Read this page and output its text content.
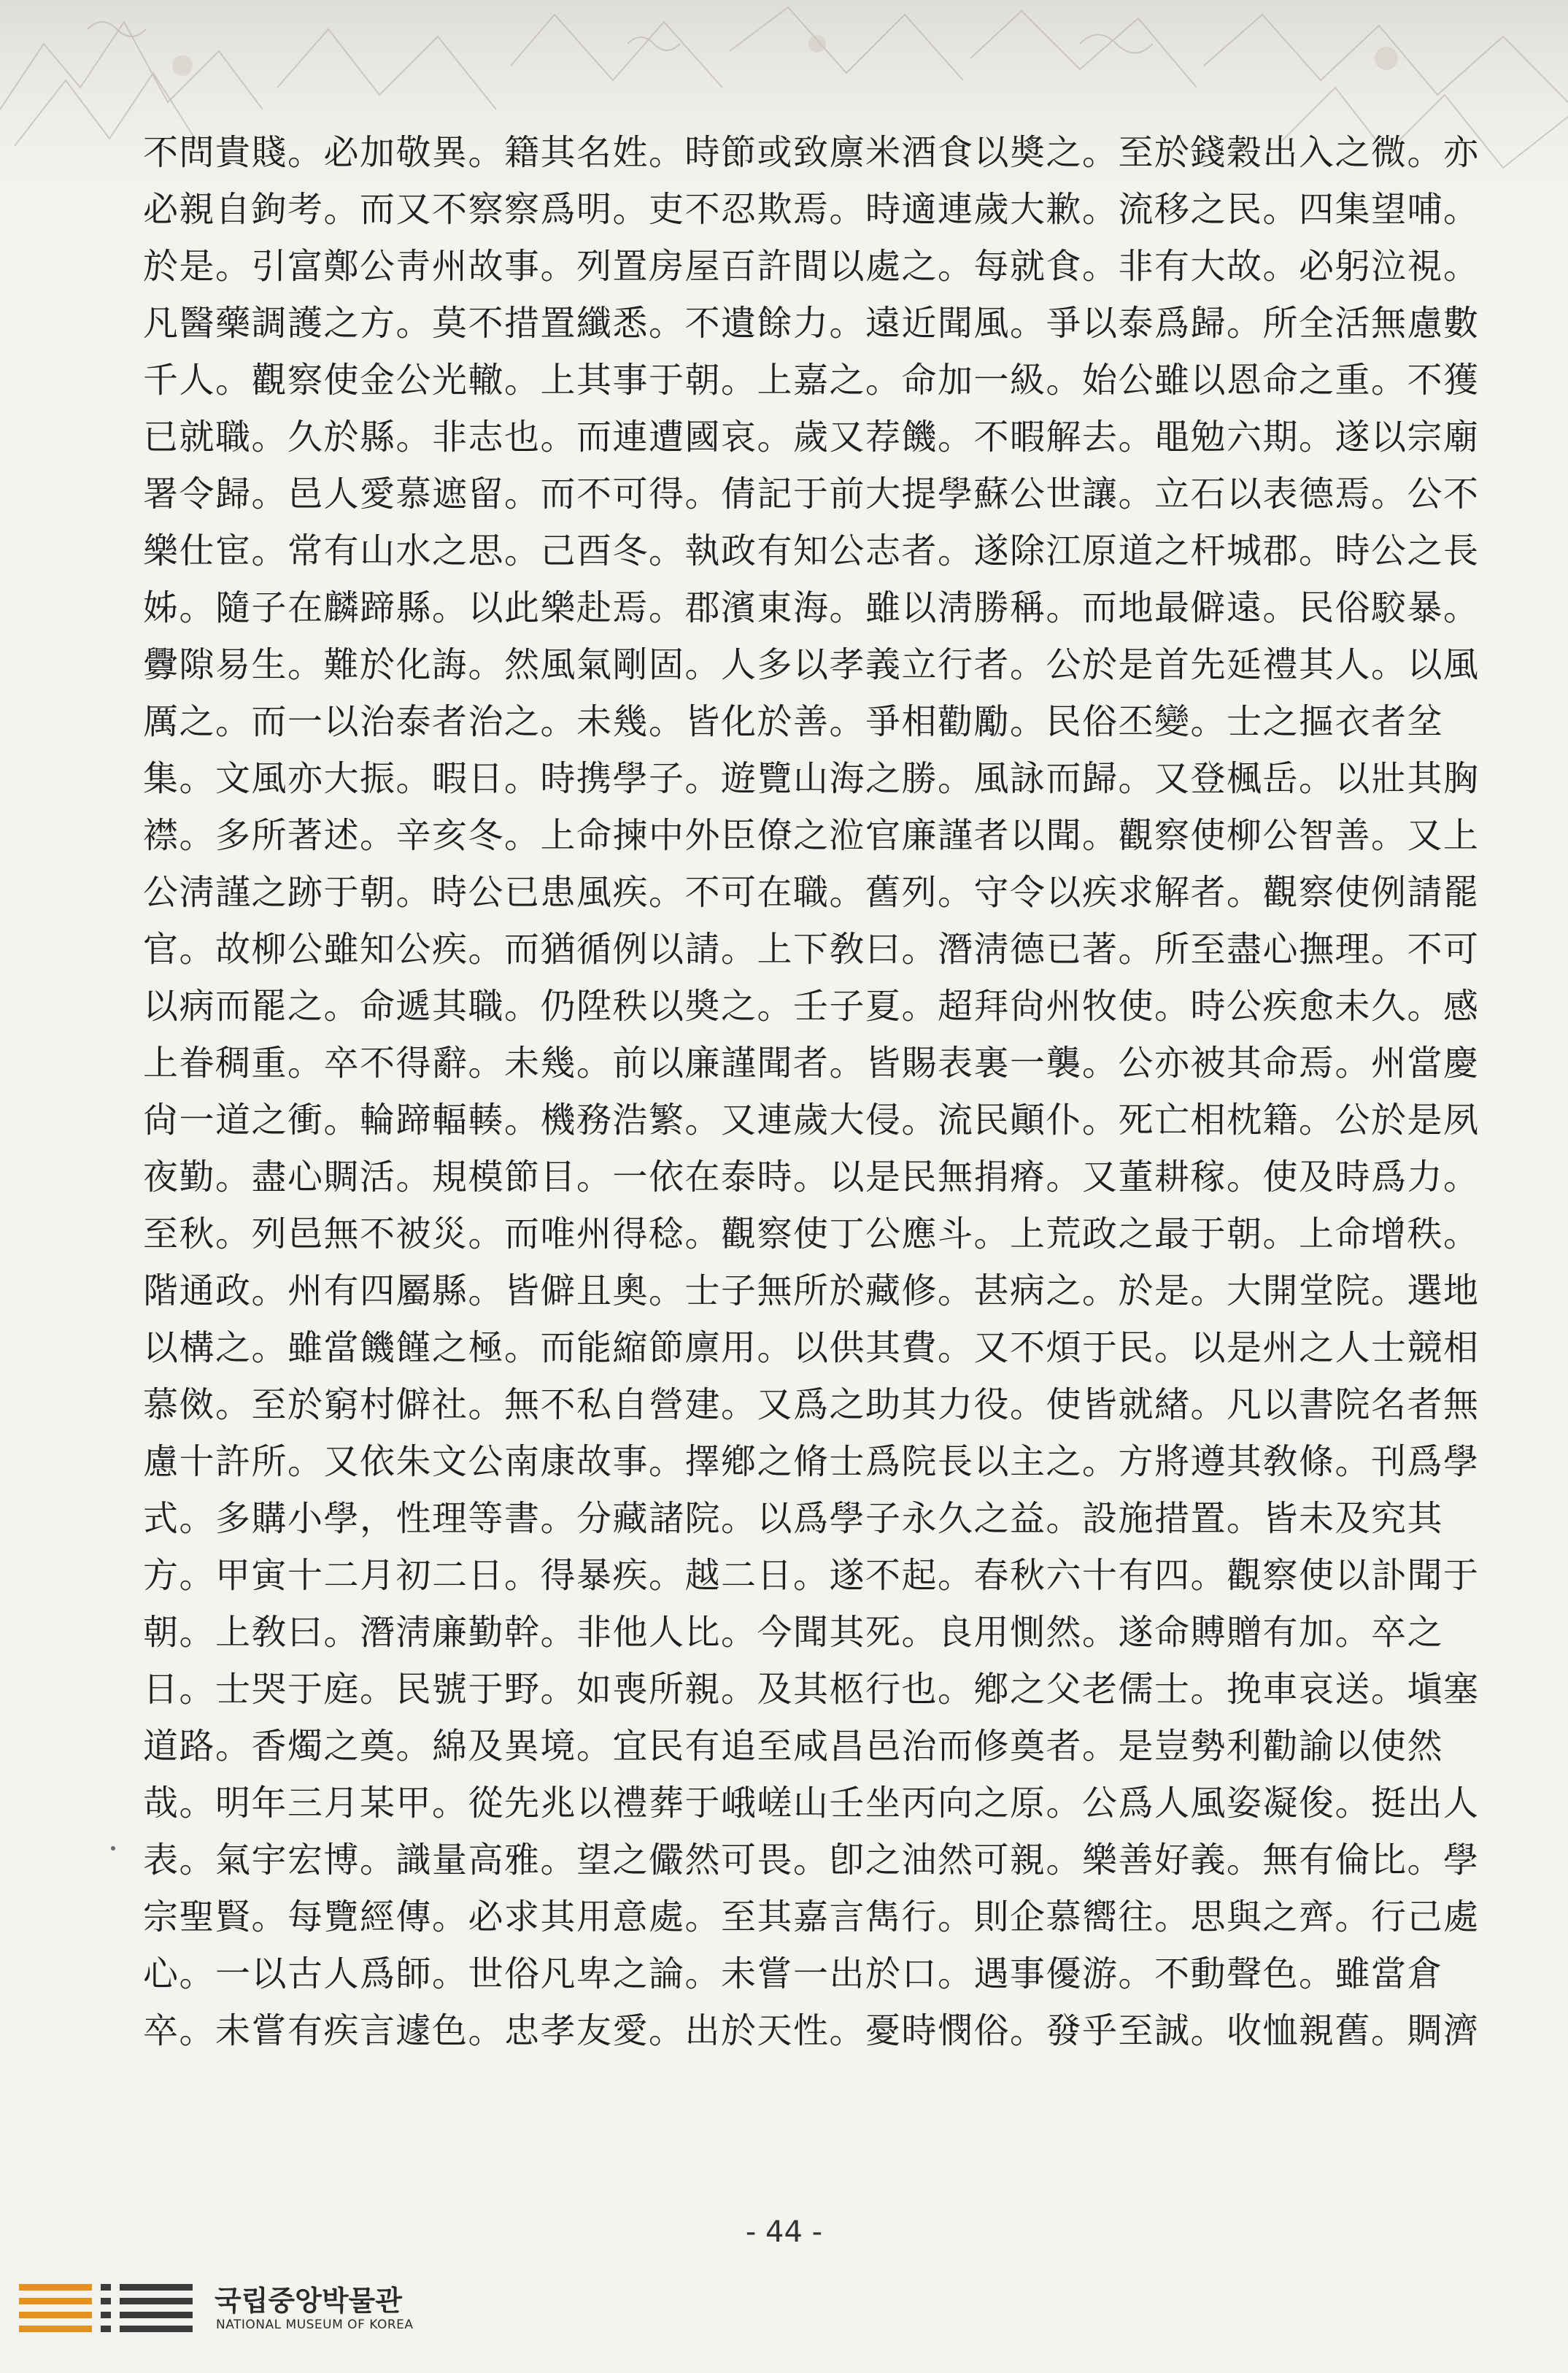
不問貴賤。必加敬異。籍其名姓。時節或致廪米酒食以奬之。至於錢穀出入之微。亦
必親自鉤考。而又不察察爲明。吏不忍欺焉。時適連歲大歉。流移之民。四集望哺。
於是。引富鄭公靑州故事。列置房屋百許間以處之。每就食。非有大故。必躬泣視。
凡醫藥調護之方。莫不措置纖悉。不遺餘力。遠近聞風。爭以泰爲歸。所全活無慮數
千人。觀察使金公光轍。上其事于朝。上嘉之。命加一級。始公雖以恩命之重。不獲
已就職。久於縣。非志也。而連遭國哀。歲又荐饑。不暇解去。黽勉六期。遂以宗廟
署令歸。邑人愛慕遮留。而不可得。倩記于前大提學蘇公世讓。立石以表德焉。公不
樂仕宦。常有山水之思。己酉冬。執政有知公志者。遂除江原道之杆城郡。時公之長
姊。隨子在麟蹄縣。以此樂赴焉。郡濱東海。雖以淸勝稱。而地最僻遠。民俗駮暴。
釁隙易生。難於化誨。然風氣剛固。人多以孝義立行者。公於是首先延禮其人。以風
厲之。而一以治泰者治之。未幾。皆化於善。爭相勸勵。民俗丕變。士之摳衣者坌
集。文風亦大振。暇日。時携學子。遊覽山海之勝。風詠而歸。又登楓岳。以壯其胸
襟。多所著述。辛亥冬。上命揀中外臣僚之涖官廉謹者以聞。觀察使柳公智善。又上
公淸謹之跡于朝。時公已患風疾。不可在職。舊列。守令以疾求解者。觀察使例請罷
官。故柳公雖知公疾。而猶循例以請。上下敎曰。潛淸德已著。所至盡心撫理。不可
以病而罷之。命遞其職。仍陞秩以奬之。壬子夏。超拜尙州牧使。時公疾愈未久。感
上眷稠重。卒不得辭。未幾。前以廉謹聞者。皆賜表裏一襲。公亦被其命焉。州當慶
尙一道之衝。輪蹄輻輳。機務浩繁。又連歲大侵。流民顚仆。死亡相枕籍。公於是夙
夜勤。盡心賙活。規模節目。一依在泰時。以是民無捐瘠。又董耕稼。使及時爲力。
至秋。列邑無不被災。而唯州得稔。觀察使丁公應斗。上荒政之最于朝。上命增秩。
階通政。州有四屬縣。皆僻且奧。士子無所於藏修。甚病之。於是。大開堂院。選地
以構之。雖當饑饉之極。而能縮節廪用。以供其費。又不煩于民。以是州之人士競相
慕傚。至於窮村僻社。無不私自營建。又爲之助其力役。使皆就緖。凡以書院名者無
慮十許所。又依朱文公南康故事。擇鄕之脩士爲院長以主之。方將遵其敎條。刊爲學
式。多購小學，性理等書。分藏諸院。以爲學子永久之益。設施措置。皆未及究其
方。甲寅十二月初二日。得暴疾。越二日。遂不起。春秋六十有四。觀察使以訃聞于
朝。上敎曰。潛淸廉勤幹。非他人比。今聞其死。良用惻然。遂命賻贈有加。卒之
日。士哭于庭。民號于野。如喪所親。及其柩行也。鄕之父老儒士。挽車哀送。塡塞
道路。香燭之奠。綿及異境。宜民有追至咸昌邑治而修奠者。是豈勢利勸諭以使然
哉。明年三月某甲。從先兆以禮葬于峨嵯山壬坐丙向之原。公爲人風姿凝俊。挺出人
表。氣宇宏博。識量高雅。望之儼然可畏。卽之油然可親。樂善好義。無有倫比。學
宗聖賢。每覽經傳。必求其用意處。至其嘉言雋行。則企慕嚮往。思與之齊。行己處
心。一以古人爲師。世俗凡卑之論。未嘗一出於口。遇事優游。不動聲色。雖當倉
卒。未嘗有疾言遽色。忠孝友愛。出於天性。憂時憫俗。發乎至誠。收恤親舊。賙濟
- 44 -
국립중앙박물관
NATIONAL MUSEUM OF KOREA
